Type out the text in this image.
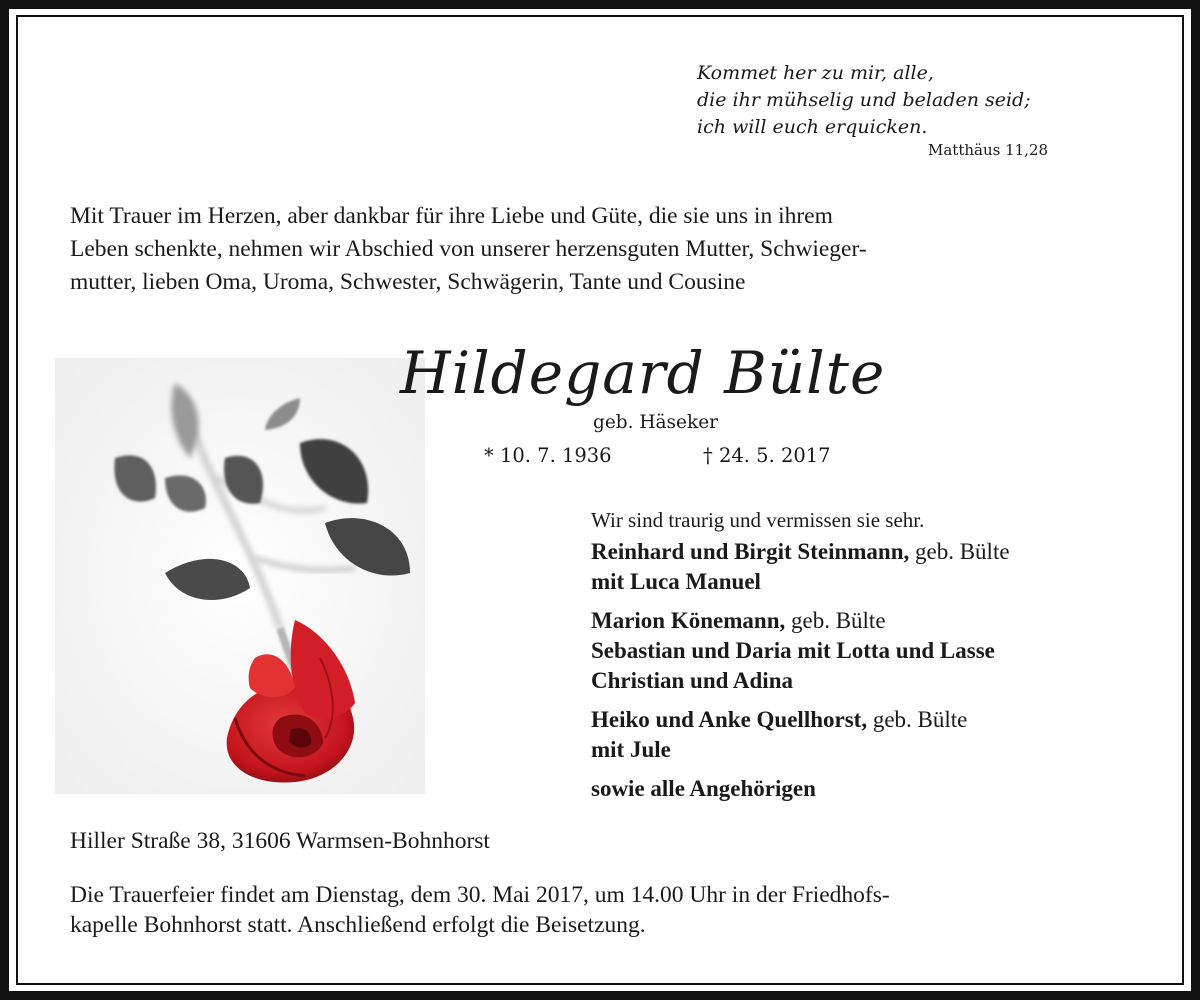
Kommet her zu mir, alle,
die ihr mühselig und beladen seid;
ich will euch erquicken.
Matthäus 11,28
Mit Trauer im Herzen, aber dankbar für ihre Liebe und Güte, die sie uns in ihrem
Leben schenkte, nehmen wir Abschied von unserer herzensguten Mutter, Schwieger-
mutter, lieben Oma, Uroma, Schwester, Schwägerin, Tante und Cousine
Hildegard Bülte
geb. Häseker
* 10. 7. 1936	† 24. 5. 2017
Wir sind traurig und vermissen sie sehr.
Reinhard und Birgit Steinmann, geb. Bülte
mit Luca Manuel
Marion Könemann, geb. Bülte
Sebastian und Daria mit Lotta und Lasse
Christian und Adina
Heiko und Anke Quellhorst, geb. Bülte
mit Jule
sowie alle Angehörigen
Hiller Straße 38, 31606 Warmsen-Bohnhorst
Die Trauerfeier findet am Dienstag, dem 30. Mai 2017, um 14.00 Uhr in der Friedhofs-
kapelle Bohnhorst statt. Anschließend erfolgt die Beisetzung.
